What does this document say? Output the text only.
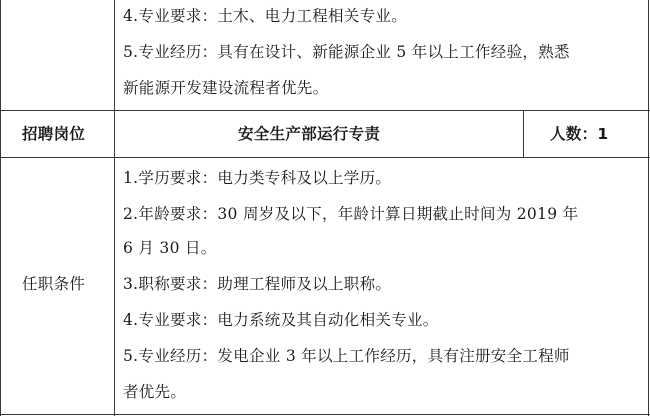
4.专业要求：土木、电力工程相关专业。
5.专业经历：具有在设计、新能源企业 5 年以上工作经验，熟悉
新能源开发建设流程者优先。
招聘岗位	安全生产部运行专责	人数：1
任职条件
1.学历要求：电力类专科及以上学历。
2.年龄要求：30 周岁及以下，年龄计算日期截止时间为 2019 年
6 月 30 日。
3.职称要求：助理工程师及以上职称。
4.专业要求：电力系统及其自动化相关专业。
5.专业经历：发电企业 3 年以上工作经历，具有注册安全工程师
者优先。
